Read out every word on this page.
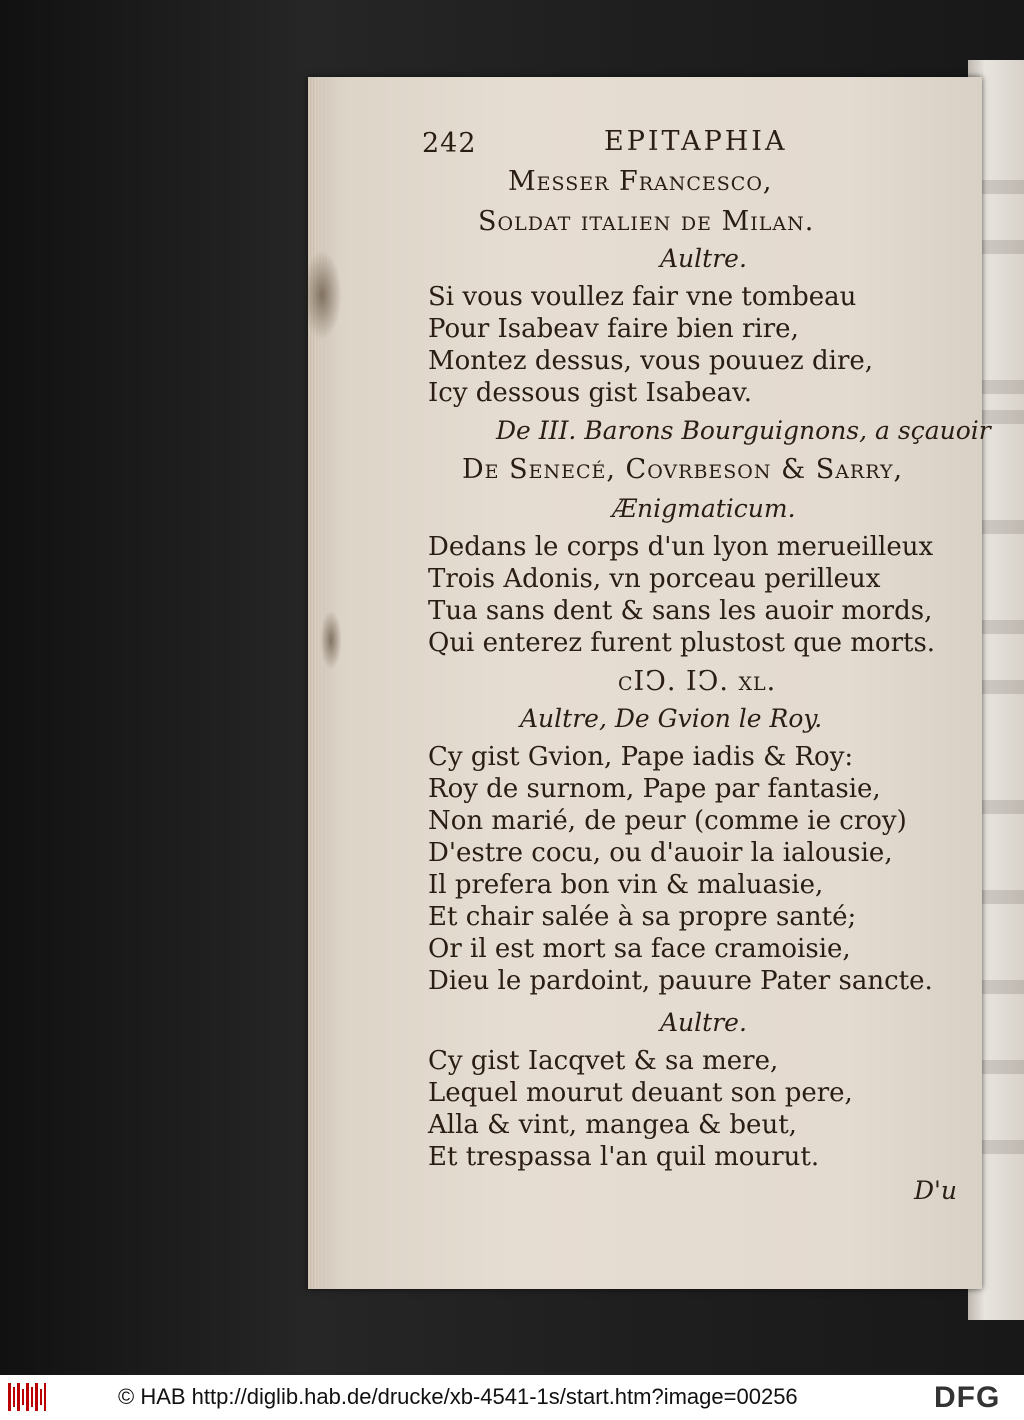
242	EPITAPHIA
Messer Francesco,
Soldat italien de Milan.
Aultre.
Si vous voullez fair vne tombeau
Pour Isabeav faire bien rire,
Montez dessus, vous pouuez dire,
Icy dessous gist Isabeav.
De III. Barons Bourguignons, a sçauoir
De Senecé, Covrbeson & Sarry,
Ænigmaticum.
Dedans le corps d'un lyon merueilleux
Trois Adonis, vn porceau perilleux
Tua sans dent & sans les auoir mords,
Qui enterez furent plustost que morts.
cIↃ. IↃ. xl.
Aultre, De Gvion le Roy.
Cy gist Gvion, Pape iadis & Roy:
Roy de surnom, Pape par fantasie,
Non marié, de peur (comme ie croy)
D'estre cocu, ou d'auoir la ialousie,
Il prefera bon vin & maluasie,
Et chair salée à sa propre santé;
Or il est mort sa face cramoisie,
Dieu le pardoint, pauure Pater sancte.
Aultre.
Cy gist Iacqvet & sa mere,
Lequel mourut deuant son pere,
Alla & vint, mangea & beut,
Et trespassa l'an quil mourut.
D'u
© HAB http://diglib.hab.de/drucke/xb-4541-1s/start.htm?image=00256	DFG
